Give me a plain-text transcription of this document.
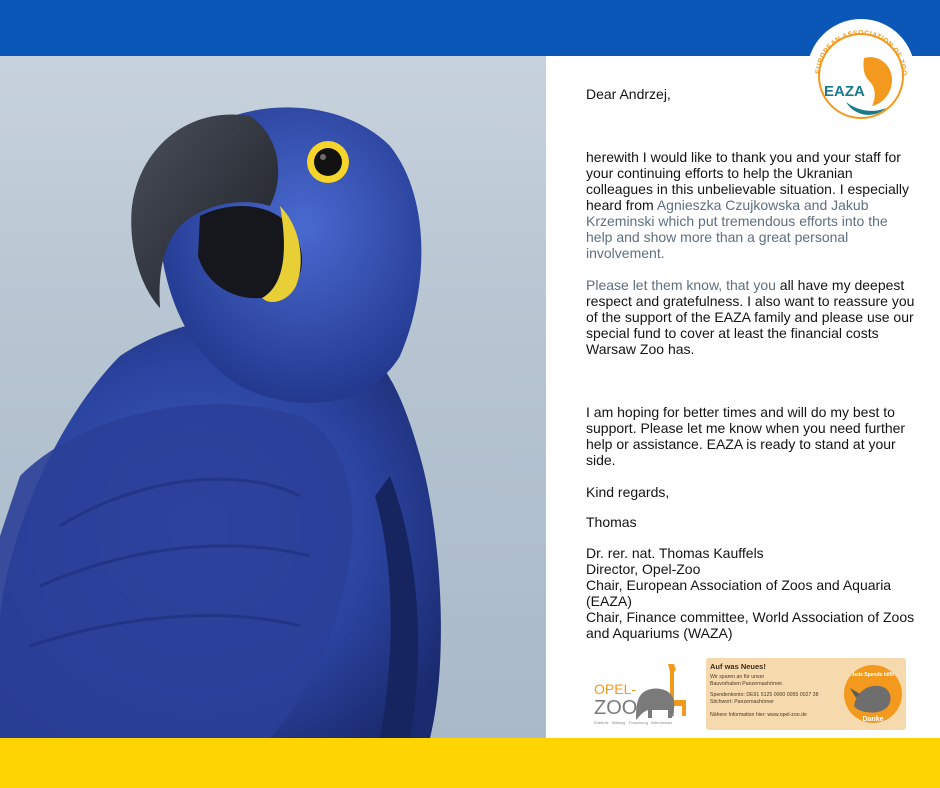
Dear Andrzej,

herewith I would like to thank you and your staff for your continuing efforts to help the Ukranian colleagues in this unbelievable situation. I especially heard from Agnieszka Czujkowska and Jakub Krzeminski which put tremendous efforts into the help and show more than a great personal involvement.

Please let them know, that you all have my deepest respect and gratefulness. I also want to reassure you of the support of the EAZA family and please use our special fund to cover at least the financial costs Warsaw Zoo has.

I am hoping for better times and will do my best to support. Please let me know when you need further help or assistance. EAZA is ready to stand at your side.

Kind regards,

Thomas

Dr. rer. nat. Thomas Kauffels

Director, Opel-Zoo

Chair, European Association of Zoos and Aquaria (EAZA)

Chair, Finance committee, World Association of Zoos and Aquariums (WAZA)

EUROPEAN ASSOCIATION OF ZOO
EAZA
OPEL-
ZOO
Erlebnis · Bildung · Forschung · Artenschutz
Auf was Neues!
Wir sparen an für unser
Bauvorhaben Panzernashörner.
Spendenkonto: DE91 5125 0000 0055 0027 38
Stichwort: Panzernashörner
Nähere Information hier: www.opel-zoo.de
Jede Spende hilft!
Danke
